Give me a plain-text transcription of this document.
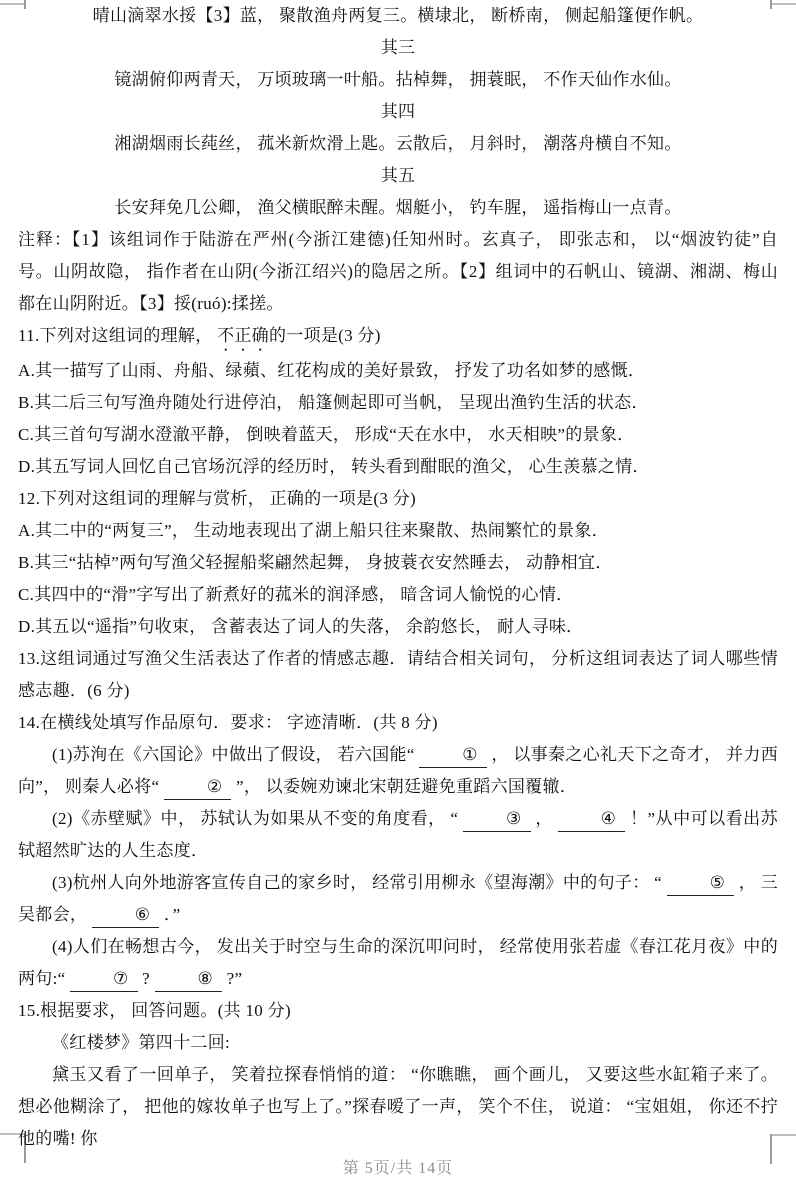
晴山滴翠水挼【3】蓝， 聚散渔舟两复三。横埭北， 断桥南， 侧起船篷便作帆。

其三

镜湖俯仰两青天， 万顷玻璃一叶船。拈棹舞， 拥蓑眠， 不作天仙作水仙。

其四

湘湖烟雨长莼丝， 菰米新炊滑上匙。云散后， 月斜时， 潮落舟横自不知。

其五

长安拜免几公卿， 渔父横眠醉未醒。烟艇小， 钓车腥， 遥指梅山一点青。

注释：【1】该组词作于陆游在严州(今浙江建德)任知州时。玄真子， 即张志和， 以“烟波钓徒”自号。山阴故隐， 指作者在山阴(今浙江绍兴)的隐居之所。【2】组词中的石帆山、镜湖、湘湖、梅山都在山阴附近。【3】挼(ruó):揉搓。

11.下列对这组词的理解， 不正确的一项是(3 分)

A.其一描写了山雨、舟船、绿蘋、红花构成的美好景致， 抒发了功名如梦的感慨．

B.其二后三句写渔舟随处行进停泊， 船篷侧起即可当帆， 呈现出渔钓生活的状态．

C.其三首句写湖水澄澈平静， 倒映着蓝天， 形成“天在水中， 水天相映”的景象．

D.其五写词人回忆自己官场沉浮的经历时， 转头看到酣眠的渔父， 心生羡慕之情．

12.下列对这组词的理解与赏析， 正确的一项是(3 分)

A.其二中的“两复三”， 生动地表现出了湖上船只往来聚散、热闹繁忙的景象．

B.其三“拈棹”两句写渔父轻握船桨翩然起舞， 身披蓑衣安然睡去， 动静相宜．

C.其四中的“滑”字写出了新煮好的菰米的润泽感， 暗含词人愉悦的心情．

D.其五以“遥指”句收束， 含蓄表达了词人的失落， 余韵悠长， 耐人寻味．

13.这组词通过写渔父生活表达了作者的情感志趣．请结合相关词句， 分析这组词表达了词人哪些情感志趣．(6 分)

14.在横线处填写作品原句．要求： 字迹清晰．(共 8 分)

(1)苏洵在《六国论》中做出了假设， 若六国能“	① ， 以事秦之心礼天下之奇才， 并力西向”， 则秦人必将“	② ”， 以委婉劝谏北宋朝廷避免重蹈六国覆辙．

(2)《赤壁赋》中， 苏轼认为如果从不变的角度看， “	③ ，	④ ！”从中可以看出苏轼超然旷达的人生态度．

(3)杭州人向外地游客宣传自己的家乡时， 经常引用柳永《望海潮》中的句子： “	⑤ ， 三吴都会，	⑥ ．”

(4)人们在畅想古今， 发出关于时空与生命的深沉叩问时， 经常使用张若虚《春江花月夜》中的两句:“	⑦ ?	⑧ ?”

15.根据要求， 回答问题。(共 10 分)

《红楼梦》第四十二回:

黛玉又看了一回单子， 笑着拉探春悄悄的道： “你瞧瞧， 画个画儿， 又要这些水缸箱子来了。想必他糊涂了， 把他的嫁妆单子也写上了。”探春嗳了一声， 笑个不住， 说道： “宝姐姐， 你还不拧他的嘴! 你

第 5页/共 14页
